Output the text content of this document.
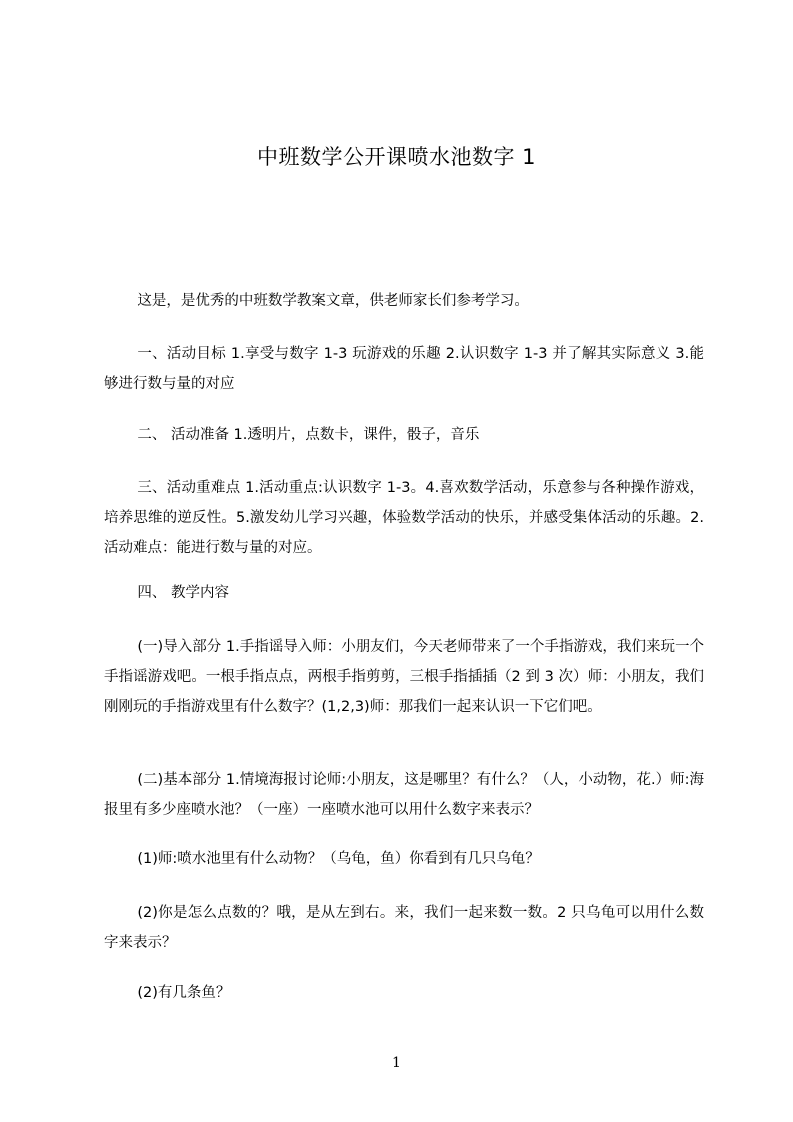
中班数学公开课喷水池数字 1

这是，是优秀的中班数学教案文章，供老师家长们参考学习。

一、活动目标 1.享受与数字 1-3 玩游戏的乐趣 2.认识数字 1-3 并了解其实际意义 3.能够进行数与量的对应

二、 活动准备 1.透明片，点数卡，课件，骰子，音乐

三、活动重难点 1.活动重点:认识数字 1-3。4.喜欢数学活动，乐意参与各种操作游戏，培养思维的逆反性。5.激发幼儿学习兴趣，体验数学活动的快乐，并感受集体活动的乐趣。2.活动难点：能进行数与量的对应。

四、 教学内容

(一)导入部分 1.手指谣导入师：小朋友们，今天老师带来了一个手指游戏，我们来玩一个手指谣游戏吧。一根手指点点，两根手指剪剪，三根手指插插（2 到 3 次）师：小朋友，我们刚刚玩的手指游戏里有什么数字？(1,2,3)师：那我们一起来认识一下它们吧。

(二)基本部分 1.情境海报讨论师:小朋友，这是哪里？有什么？（人，小动物，花.）师:海报里有多少座喷水池？（一座）一座喷水池可以用什么数字来表示？

(1)师:喷水池里有什么动物？（乌龟，鱼）你看到有几只乌龟？

(2)你是怎么点数的？哦，是从左到右。来，我们一起来数一数。2 只乌龟可以用什么数字来表示？

(2)有几条鱼？

1
